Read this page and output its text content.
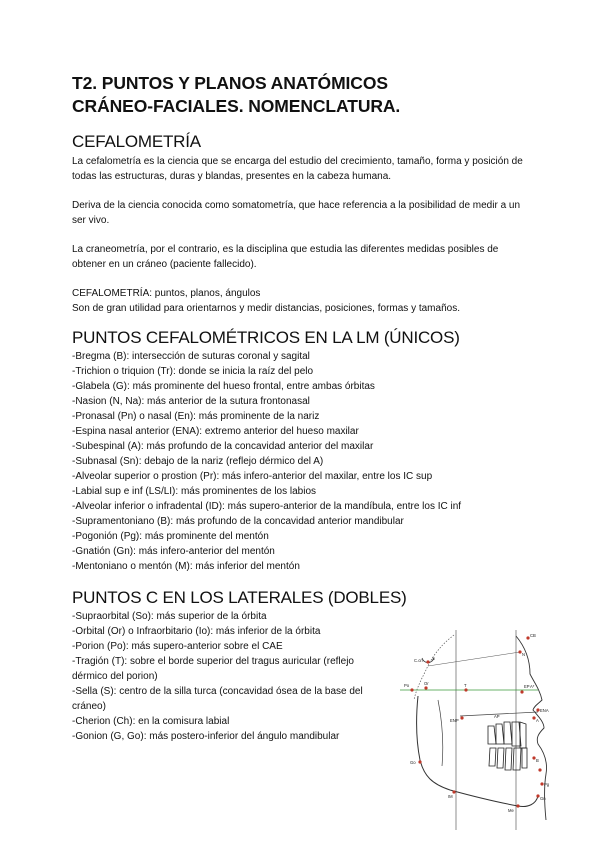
T2. PUNTOS Y PLANOS ANATÓMICOS

CRÁNEO-FACIALES. NOMENCLATURA.

CEFALOMETRÍA

La cefalometría es la ciencia que se encarga del estudio del crecimiento, tamaño, forma y posición de todas las estructuras, duras y blandas, presentes en la cabeza humana.

Deriva de la ciencia conocida como somatometría, que hace referencia a la posibilidad de medir a un ser vivo.

La craneometría, por el contrario, es la disciplina que estudia las diferentes medidas posibles de obtener en un cráneo (paciente fallecido).

CEFALOMETRÍA: puntos, planos, ángulos

Son de gran utilidad para orientarnos y medir distancias, posiciones, formas y tamaños.

PUNTOS CEFALOMÉTRICOS EN LA LM (ÚNICOS)

-Bregma (B): intersección de suturas coronal y sagital

-Trichion o triquion (Tr): donde se inicia la raíz del pelo

-Glabela (G): más prominente del hueso frontal, entre ambas órbitas

-Nasion (N, Na): más anterior de la sutura frontonasal

-Pronasal (Pn) o nasal (En): más prominente de la nariz

-Espina nasal anterior (ENA): extremo anterior del hueso maxilar

-Subespinal (A): más profundo de la concavidad anterior del maxilar

-Subnasal (Sn): debajo de la nariz (reflejo dérmico del A)

-Alveolar superior o prostion (Pr): más infero-anterior del maxilar, entre los IC sup

-Labial sup e inf (LS/LI): más prominentes de los labios

-Alveolar inferior o infradental (ID): más supero-anterior de la mandíbula, entre los IC inf

-Supramentoniano (B): más profundo de la concavidad anterior mandibular

-Pogonión (Pg): más prominente del mentón

-Gnatión (Gn): más infero-anterior del mentón

-Mentoniano o mentón (M): más inferior del mentón

PUNTOS C EN LOS LATERALES (DOBLES)

-Supraorbital (So): más superior de la órbita

-Orbital (Or) o Infraorbitario (Io): más inferior de la órbita

-Porion (Po): más supero-anterior sobre el CAE

-Tragión (T): sobre el borde superior del tragus auricular (reflejo dérmico del porion)

-Sella (S): centro de la silla turca (concavidad ósea de la base del cráneo)

-Cherion (Ch): en la comisura labial

-Gonion (G, Go): más postero-inferior del ángulo mandibular

CB
N
S
C.cn
Po	Or	T	EP A*
ENP
AP
ENA
A
Go
Me
B
Pg
Gn
IM
